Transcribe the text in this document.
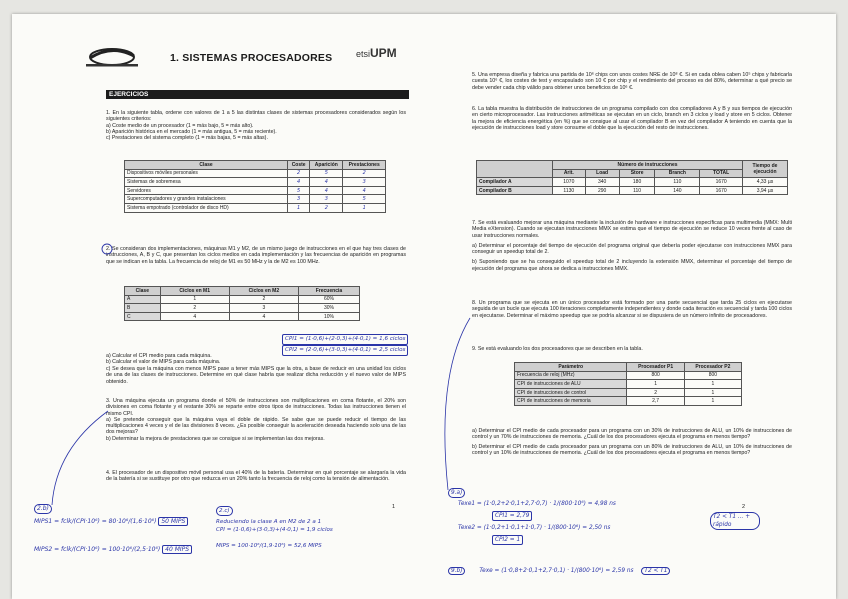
1. SISTEMAS PROCESADORES	etsiUPM
EJERCICIOS
1. En la siguiente tabla, ordene con valores de 1 a 5 las distintas clases de sistemas procesadores considerados según los siguientes criterios:
a) Coste medio de un procesador (1 = más bajo, 5 = más alto).
b) Aparición histórica en el mercado (1 = más antigua, 5 = más reciente).
c) Prestaciones del sistema completo (1 = más bajas, 5 = más altas).
Clase	Coste	Aparición	Prestaciones
Dispositivos móviles personales	2	5	2
Sistemas de sobremesa	4	4	3
Servidores	5	4	4
Supercomputadores y grandes instalaciones	3	3	5
Sistema empotrado (controlador de disco HD)	1	2	1
2. Se consideran dos implementaciones, máquinas M1 y M2, de un mismo juego de instrucciones en el que hay tres clases de instrucciones, A, B y C, que presentan los ciclos medios en cada implementación y las frecuencias de aparición en programas que se indican en la tabla. La frecuencia de reloj de M1 es 50 MHz y la de M2 es 100 MHz.
Clase	Ciclos en M1	Ciclos en M2	Frecuencia
A	1	2	60%
B	2	3	30%
C	4	4	10%
CPI1 = (1·0,6)+(2·0,3)+(4·0,1) = 1,6 ciclos
CPI2 = (2·0,6)+(3·0,3)+(4·0,1) = 2,5 ciclos
a) Calcular el CPI medio para cada máquina.
b) Calcular el valor de MIPS para cada máquina.
c) Se desea que la máquina con menos MIPS pase a tener más MIPS que la otra, a base de reducir en una unidad los ciclos de una de las clases de instrucciones. Determine en qué clase habría que realizar dicha reducción y el nuevo valor de MIPS obtenido.
3. Una máquina ejecuta un programa donde el 50% de instrucciones son multiplicaciones en coma flotante, el 20% son divisiones en coma flotante y el restante 30% se reparte entre otros tipos de instrucciones. Todas las instrucciones tienen el mismo CPI.
a) Se pretende conseguir que la máquina vaya el doble de rápido. Se sabe que se puede reducir el tiempo de las multiplicaciones 4 veces y el de las divisiones 8 veces. ¿Es posible conseguir la aceleración deseada haciendo solo una de las dos mejoras?
b) Determinar la mejora de prestaciones que se consigue si se implementan las dos mejoras.
4. El procesador de un dispositivo móvil personal usa el 40% de la batería. Determinar en qué porcentaje se alargaría la vida de la batería si se sustituye por otro que reduzca en un 20% tanto la frecuencia de reloj como la tensión de alimentación.
1
2.b)
MIPS1 = fclk/(CPI·10⁶) = 80·10⁶/(1,6·10⁶) 50 MIPS
MIPS2 = fclk/(CPI·10⁶) = 100·10⁶/(2,5·10⁶) 40 MIPS
2.c)
Reduciendo la clase A en M2 de 2 a 1
CPI = (1·0,6)+(3·0,3)+(4·0,1) = 1,9 ciclos
MIPS = 100·10⁶/(1,9·10⁶) = 52,6 MIPS
5. Una empresa diseña y fabrica una partida de 10⁶ chips con unos costes NRE de 10⁸ €. Si en cada oblea caben 10⁵ chips y fabricarla cuesta 10⁶ €, los costes de test y encapsulado son 10 € por chip y el rendimiento del proceso es del 80%, determinar a qué precio se debe vender cada chip válido para obtener unos beneficios de 10⁶ €.
6. La tabla muestra la distribución de instrucciones de un programa compilado con dos compiladores A y B y sus tiempos de ejecución en cierto microprocesador. Las instrucciones aritméticas se ejecutan en un ciclo, branch en 3 ciclos y load y store en 5 ciclos. Obtener la mejora de eficiencia energética (en %) que se consigue al usar el compilador B en vez del compilador A teniendo en cuenta que la ejecución de instrucciones load y store consume el doble que la ejecución del resto de instrucciones.
	Número de instrucciones					Tiempo de ejecución
	Arit.	Load	Store	Branch	TOTAL	
Compilador A	1070	340	180	110	1670	4,33 µs
Compilador B	1130	290	110	140	1670	3,94 µs
7. Se está evaluando mejorar una máquina mediante la inclusión de hardware e instrucciones específicas para multimedia (MMX: Multi Media eXtension). Cuando se ejecutan instrucciones MMX se estima que el tiempo de ejecución se reduce 10 veces frente al caso de usar instrucciones normales.
a) Determinar el porcentaje del tiempo de ejecución del programa original que debería poder ejecutarse con instrucciones MMX para conseguir un speedup total de 2.
b) Suponiendo que se ha conseguido el speedup total de 2 incluyendo la extensión MMX, determinar el porcentaje del tiempo de ejecución del programa que ahora se dedica a instrucciones MMX.
8. Un programa que se ejecuta en un único procesador está formado por una parte secuencial que tarda 25 ciclos en ejecutarse seguida de un bucle que ejecuta 100 iteraciones completamente independientes y donde cada iteración es secuencial y tarda 100 ciclos en ejecutarse. Determinar el máximo speedup que se podría alcanzar si se dispusiera de un número infinito de procesadores.
9. Se está evaluando los dos procesadores que se describen en la tabla.
Parámetro	Procesador P1	Procesador P2
Frecuencia de reloj (MHz)	800	800
CPI de instrucciones de ALU	1	1
CPI de instrucciones de control	2	1
CPI de instrucciones de memoria	2,7	1
a) Determinar el CPI medio de cada procesador para un programa con un 30% de instrucciones de ALU, un 10% de instrucciones de control y un 70% de instrucciones de memoria. ¿Cuál de los dos procesadores ejecuta el programa en menos tiempo?
b) Determinar el CPI medio de cada procesador para un programa con un 80% de instrucciones de ALU, un 10% de instrucciones de control y un 10% de instrucciones de memoria. ¿Cuál de los dos procesadores ejecuta el programa en menos tiempo?
2
9.a)
Texe1 = (1·0,2+2·0,1+2,7·0,7) · 1/(800·10⁶) = 4,98 ns
CPI1 = 2,79
Texe2 = (1·0,2+1·0,1+1·0,7) · 1/(800·10⁶) = 2,50 ns
CPI2 = 1
T2 < T1 ... + rápido
9.b)	Texe = (1·0,8+2·0,1+2,7·0,1) · 1/(800·10⁶) = 2,59 ns T2 < T1
